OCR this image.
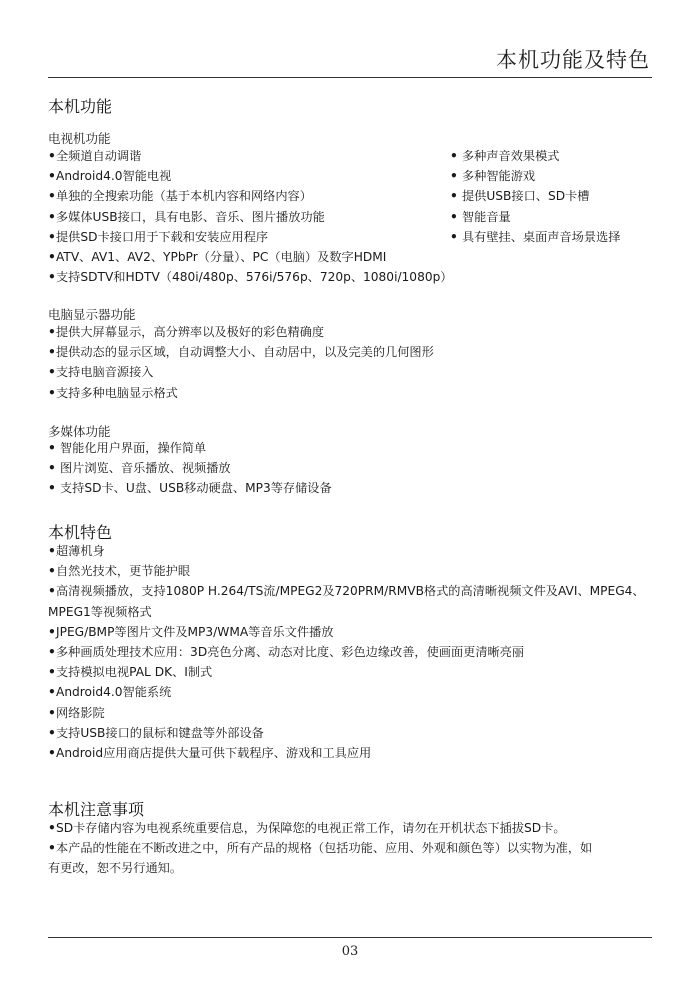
本机功能及特色
本机功能
电视机功能
•全频道自动调谐
•Android4.0智能电视
•单独的全搜索功能（基于本机内容和网络内容）
•多媒体USB接口，具有电影、音乐、图片播放功能
•提供SD卡接口用于下载和安装应用程序
•ATV、AV1、AV2、YPbPr（分量）、PC（电脑）及数字HDMI
•支持SDTV和HDTV（480i/480p、576i/576p、720p、1080i/1080p）
• 多种声音效果模式
• 多种智能游戏
• 提供USB接口、SD卡槽
• 智能音量
• 具有壁挂、桌面声音场景选择
电脑显示器功能
•提供大屏幕显示，高分辨率以及极好的彩色精确度
•提供动态的显示区域，自动调整大小、自动居中，以及完美的几何图形
•支持电脑音源接入
•支持多种电脑显示格式
多媒体功能
• 智能化用户界面，操作简单
• 图片浏览、音乐播放、视频播放
• 支持SD卡、U盘、USB移动硬盘、MP3等存储设备
本机特色
•超薄机身
•自然光技术，更节能护眼
•高清视频播放，支持1080P H.264/TS流/MPEG2及720PRM/RMVB格式的高清晰视频文件及AVI、MPEG4、
MPEG1等视频格式
•JPEG/BMP等图片文件及MP3/WMA等音乐文件播放
•多种画质处理技术应用：3D亮色分离、动态对比度、彩色边缘改善，使画面更清晰亮丽
•支持模拟电视PAL DK、I制式
•Android4.0智能系统
•网络影院
•支持USB接口的鼠标和键盘等外部设备
•Android应用商店提供大量可供下载程序、游戏和工具应用
本机注意事项
•SD卡存储内容为电视系统重要信息，为保障您的电视正常工作，请勿在开机状态下插拔SD卡。
•本产品的性能在不断改进之中，所有产品的规格（包括功能、应用、外观和颜色等）以实物为准，如
有更改，恕不另行通知。
03
